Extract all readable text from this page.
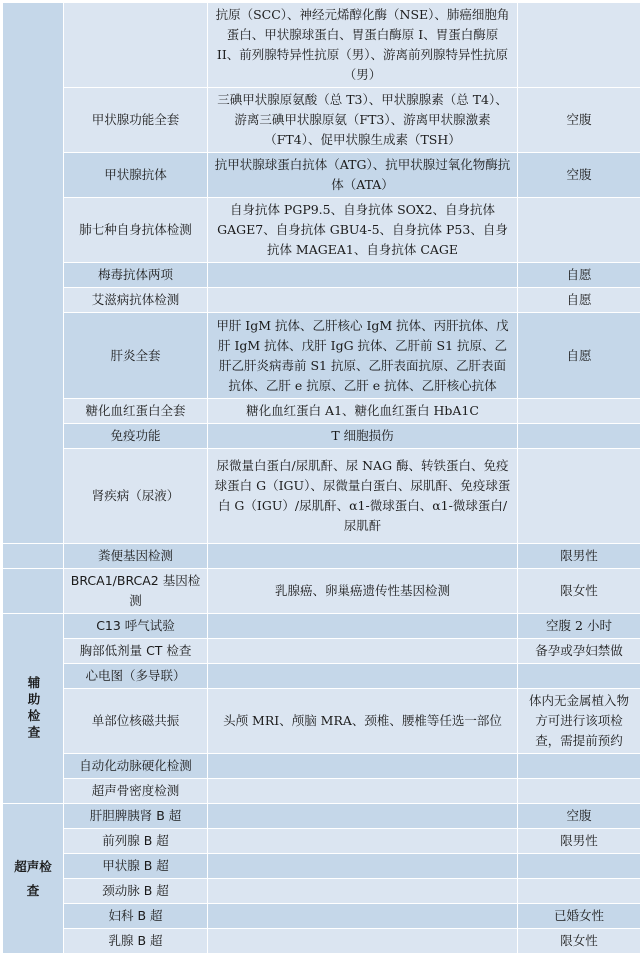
		抗原（SCC）、神经元烯醇化酶（NSE）、肺癌细胞角蛋白、甲状腺球蛋白、胃蛋白酶原 I、胃蛋白酶原 II、前列腺特异性抗原（男）、游离前列腺特异性抗原（男）	
	甲状腺功能全套	三碘甲状腺原氨酸（总 T3）、甲状腺腺素（总 T4）、游离三碘甲状腺原氨（FT3）、游离甲状腺激素（FT4）、促甲状腺生成素（TSH）	空腹
	甲状腺抗体	抗甲状腺球蛋白抗体（ATG）、抗甲状腺过氧化物酶抗体（ATA）	空腹
	肺七种自身抗体检测	自身抗体 PGP9.5、自身抗体 SOX2、自身抗体 GAGE7、自身抗体 GBU4-5、自身抗体 P53、自身抗体 MAGEA1、自身抗体 CAGE	
	梅毒抗体两项		自愿
	艾滋病抗体检测		自愿
	肝炎全套	甲肝 IgM 抗体、乙肝核心 IgM 抗体、丙肝抗体、戊肝 IgM 抗体、戊肝 IgG 抗体、乙肝前 S1 抗原、乙肝乙肝炎病毒前 S1 抗原、乙肝表面抗原、乙肝表面抗体、乙肝 e 抗原、乙肝 e 抗体、乙肝核心抗体	自愿
	糖化血红蛋白全套	糖化血红蛋白 A1、糖化血红蛋白 HbA1C	
	免疫功能	T 细胞损伤	
	肾疾病（尿液）	尿微量白蛋白/尿肌酐、尿 NAG 酶、转铁蛋白、免疫球蛋白 G（IGU）、尿微量白蛋白、尿肌酐、免疫球蛋白 G（IGU）/尿肌酐、α1-微球蛋白、α1-微球蛋白/尿肌酐	
	粪便基因检测		限男性
	BRCA1/BRCA2 基因检测	乳腺癌、卵巢癌遗传性基因检测	限女性
辅助检查	C13 呼气试验		空腹 2 小时
	胸部低剂量 CT 检查		备孕或孕妇禁做
	心电图（多导联）		
	单部位核磁共振	头颅 MRI、颅脑 MRA、颈椎、腰椎等任选一部位	体内无金属植入物方可进行该项检查，需提前预约
	自动化动脉硬化检测		
	超声骨密度检测		
超声检查	肝胆脾胰肾 B 超		空腹
	前列腺 B 超		限男性
	甲状腺 B 超		
	颈动脉 B 超		
	妇科 B 超		已婚女性
	乳腺 B 超		限女性
